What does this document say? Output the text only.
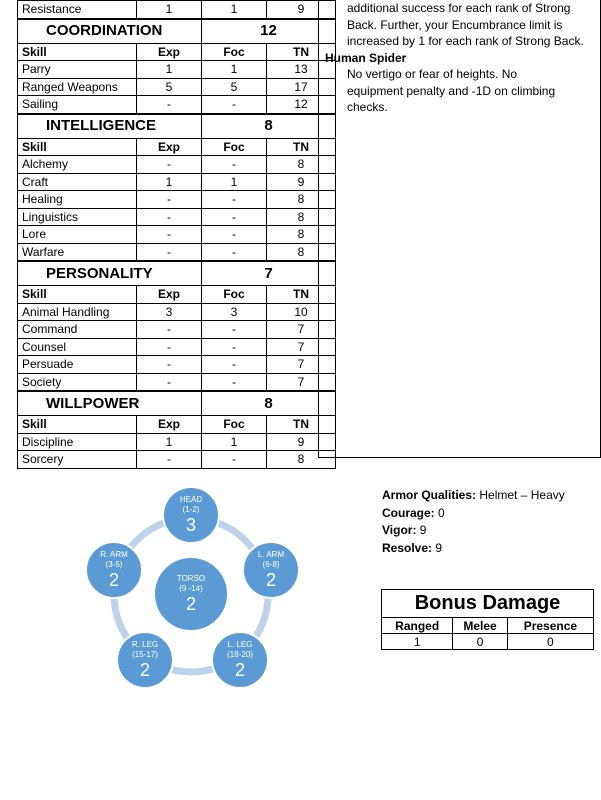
Resistance	1	1	9
COORDINATION		12	
Skill	Exp	Foc	TN
Parry	1	1	13
Ranged Weapons	5	5	17
Sailing	-	-	12
INTELLIGENCE		8	
Skill	Exp	Foc	TN
Alchemy	-	-	8
Craft	1	1	9
Healing	-	-	8
Linguistics	-	-	8
Lore	-	-	8
Warfare	-	-	8
PERSONALITY		7	
Skill	Exp	Foc	TN
Animal Handling	3	3	10
Command	-	-	7
Counsel	-	-	7
Persuade	-	-	7
Society	-	-	7
WILLPOWER		8	
Skill	Exp	Foc	TN
Discipline	1	1	9
Sorcery	-	-	8
additional success for each rank of Strong
Back. Further, your Encumbrance limit is
increased by 1 for each rank of Strong Back.
Human Spider
No vertigo or fear of heights. No
equipment penalty and -1D on climbing
checks.
HEAD
(1-2)
3
R. ARM
(3-5)
2
L. ARM
(6-8)
2
TORSO
(9 -14)
2
R. LEG
(15-17)
2
L. LEG
(18-20)
2
Armor Qualities: Helmet – Heavy
Courage: 0
Vigor: 9
Resolve: 9
Bonus Damage		
Ranged	Melee	Presence
1	0	0
